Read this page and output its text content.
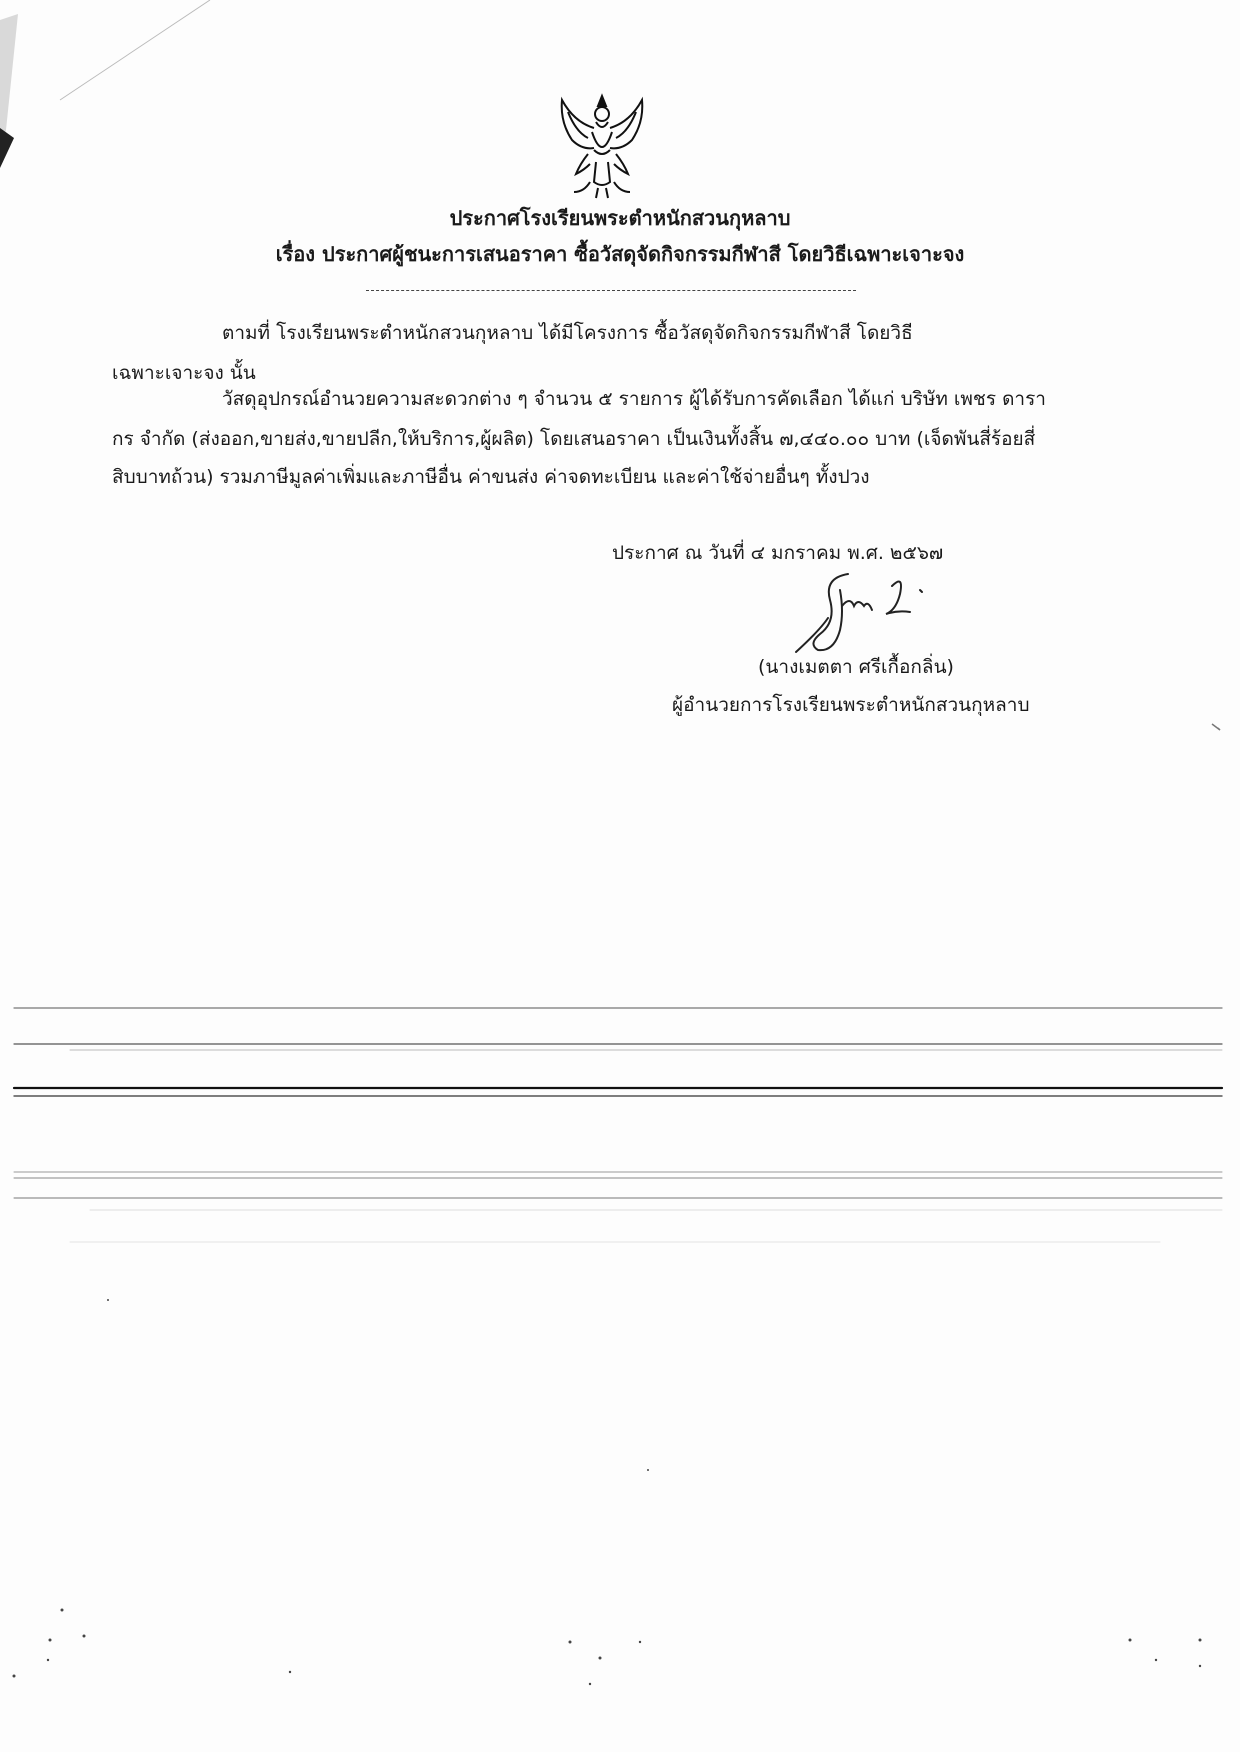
ประกาศโรงเรียนพระตำหนักสวนกุหลาบ
เรื่อง ประกาศผู้ชนะการเสนอราคา ซื้อวัสดุจัดกิจกรรมกีฬาสี โดยวิธีเฉพาะเจาะจง
ตามที่ โรงเรียนพระตำหนักสวนกุหลาบ ได้มีโครงการ ซื้อวัสดุจัดกิจกรรมกีฬาสี โดยวิธี
เฉพาะเจาะจง นั้น
วัสดุอุปกรณ์อำนวยความสะดวกต่าง ๆ จำนวน ๕ รายการ ผู้ได้รับการคัดเลือก ได้แก่ บริษัท เพชร ดารา
กร จำกัด (ส่งออก,ขายส่ง,ขายปลีก,ให้บริการ,ผู้ผลิต) โดยเสนอราคา เป็นเงินทั้งสิ้น ๗,๔๔๐.๐๐ บาท (เจ็ดพันสี่ร้อยสี่
สิบบาทถ้วน) รวมภาษีมูลค่าเพิ่มและภาษีอื่น ค่าขนส่ง ค่าจดทะเบียน และค่าใช้จ่ายอื่นๆ ทั้งปวง
ประกาศ ณ วันที่ ๔ มกราคม พ.ศ. ๒๕๖๗
(นางเมตตา ศรีเกื้อกลิ่น)
ผู้อำนวยการโรงเรียนพระตำหนักสวนกุหลาบ
